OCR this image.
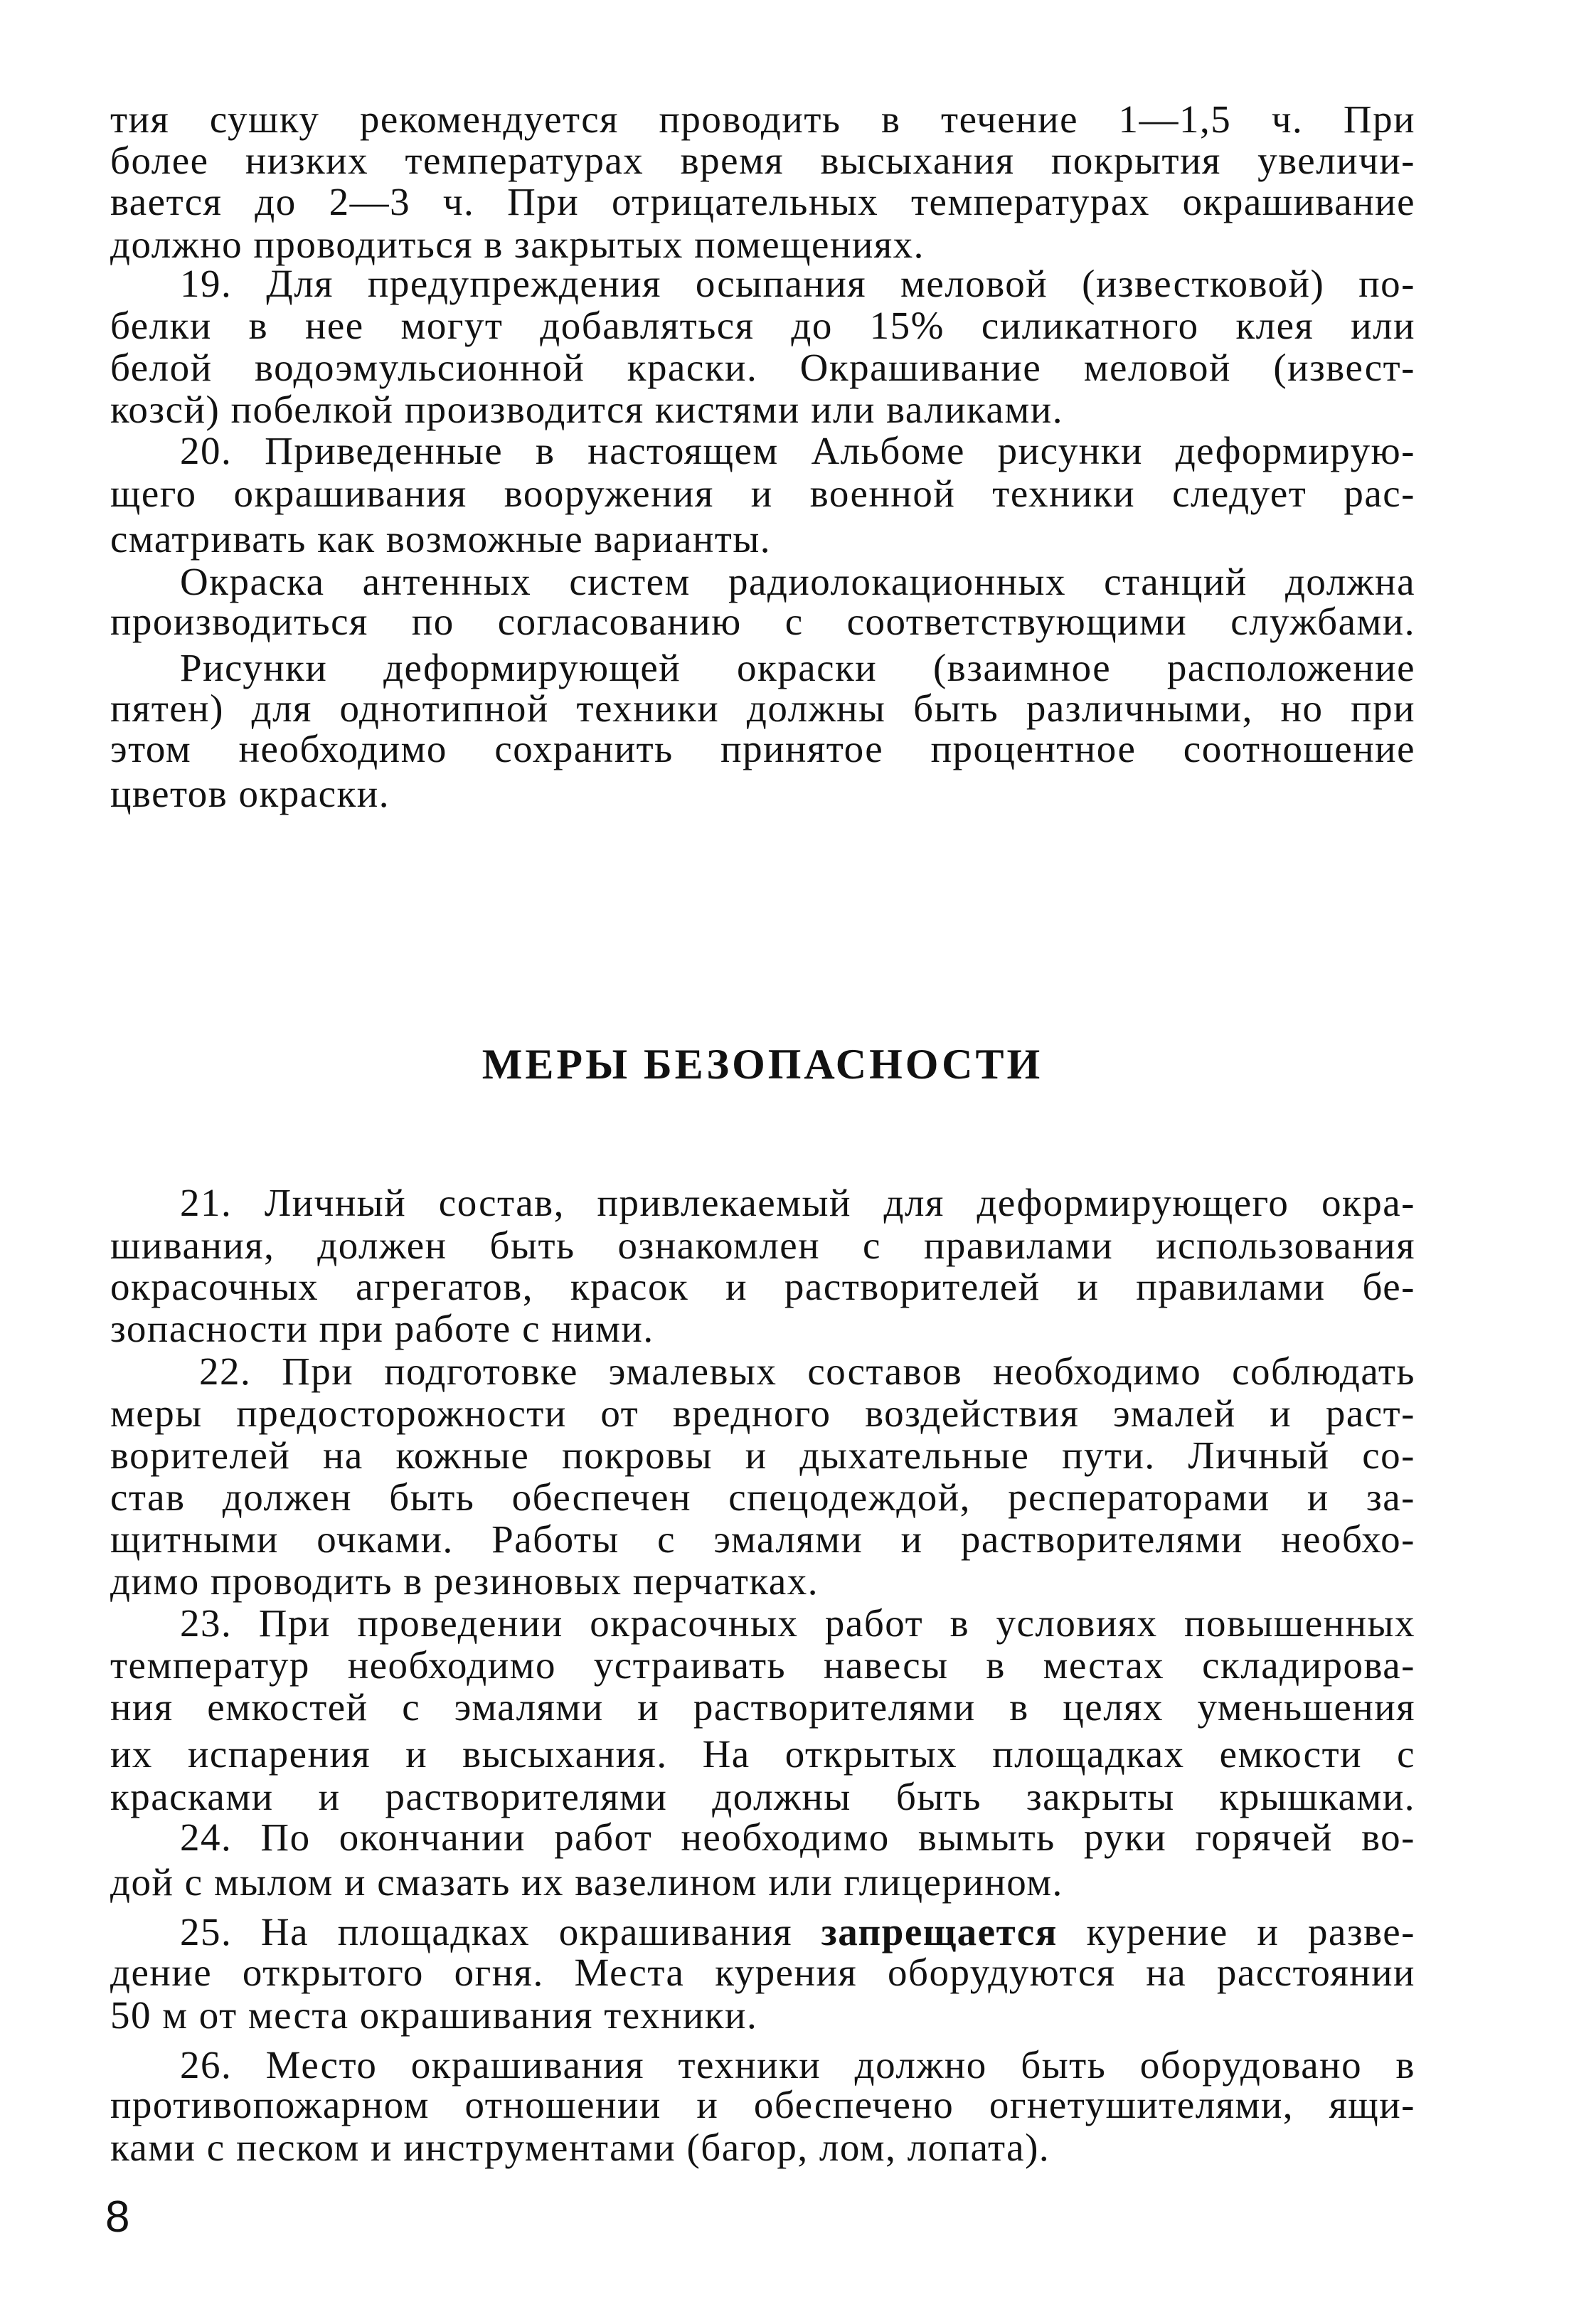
тия сушку рекомендуется проводить в течение 1—1,5 ч. При
более низких температурах время высыхания покрытия увеличи-
вается до 2—3 ч. При отрицательных температурах окрашивание
должно проводиться в закрытых помещениях.
19. Для предупреждения осыпания меловой (известковой) по-
белки в нее могут добавляться до 15% силикатного клея или
белой водоэмульсионной краски. Окрашивание меловой (извест-
козсй) побелкой производится кистями или валиками.
20. Приведенные в настоящем Альбоме рисунки деформирую-
щего окрашивания вооружения и военной техники следует рас-
сматривать как возможные варианты.
Окраска антенных систем радиолокационных станций должна
производиться по согласованию с соответствующими службами.
Рисунки деформирующей окраски (взаимное расположение
пятен) для однотипной техники должны быть различными, но при
этом необходимо сохранить принятое процентное соотношение
цветов окраски.
МЕРЫ БЕЗОПАСНОСТИ
21. Личный состав, привлекаемый для деформирующего окра-
шивания, должен быть ознакомлен с правилами использования
окрасочных агрегатов, красок и растворителей и правилами бе-
зопасности при работе с ними.
22. При подготовке эмалевых составов необходимо соблюдать
меры предосторожности от вредного воздействия эмалей и раст-
ворителей на кожные покровы и дыхательные пути. Личный со-
став должен быть обеспечен спецодеждой, респераторами и за-
щитными очками. Работы с эмалями и растворителями необхо-
димо проводить в резиновых перчатках.
23. При проведении окрасочных работ в условиях повышенных
температур необходимо устраивать навесы в местах складирова-
ния емкостей с эмалями и растворителями в целях уменьшения
их испарения и высыхания. На открытых площадках емкости с
красками и растворителями должны быть закрыты крышками.
24. По окончании работ необходимо вымыть руки горячей во-
дой с мылом и смазать их вазелином или глицерином.
25. На площадках окрашивания запрещается курение и разве-
дение открытого огня. Места курения оборудуются на расстоянии
50 м от места окрашивания техники.
26. Место окрашивания техники должно быть оборудовано в
противопожарном отношении и обеспечено огнетушителями, ящи-
ками с песком и инструментами (багор, лом, лопата).
8
